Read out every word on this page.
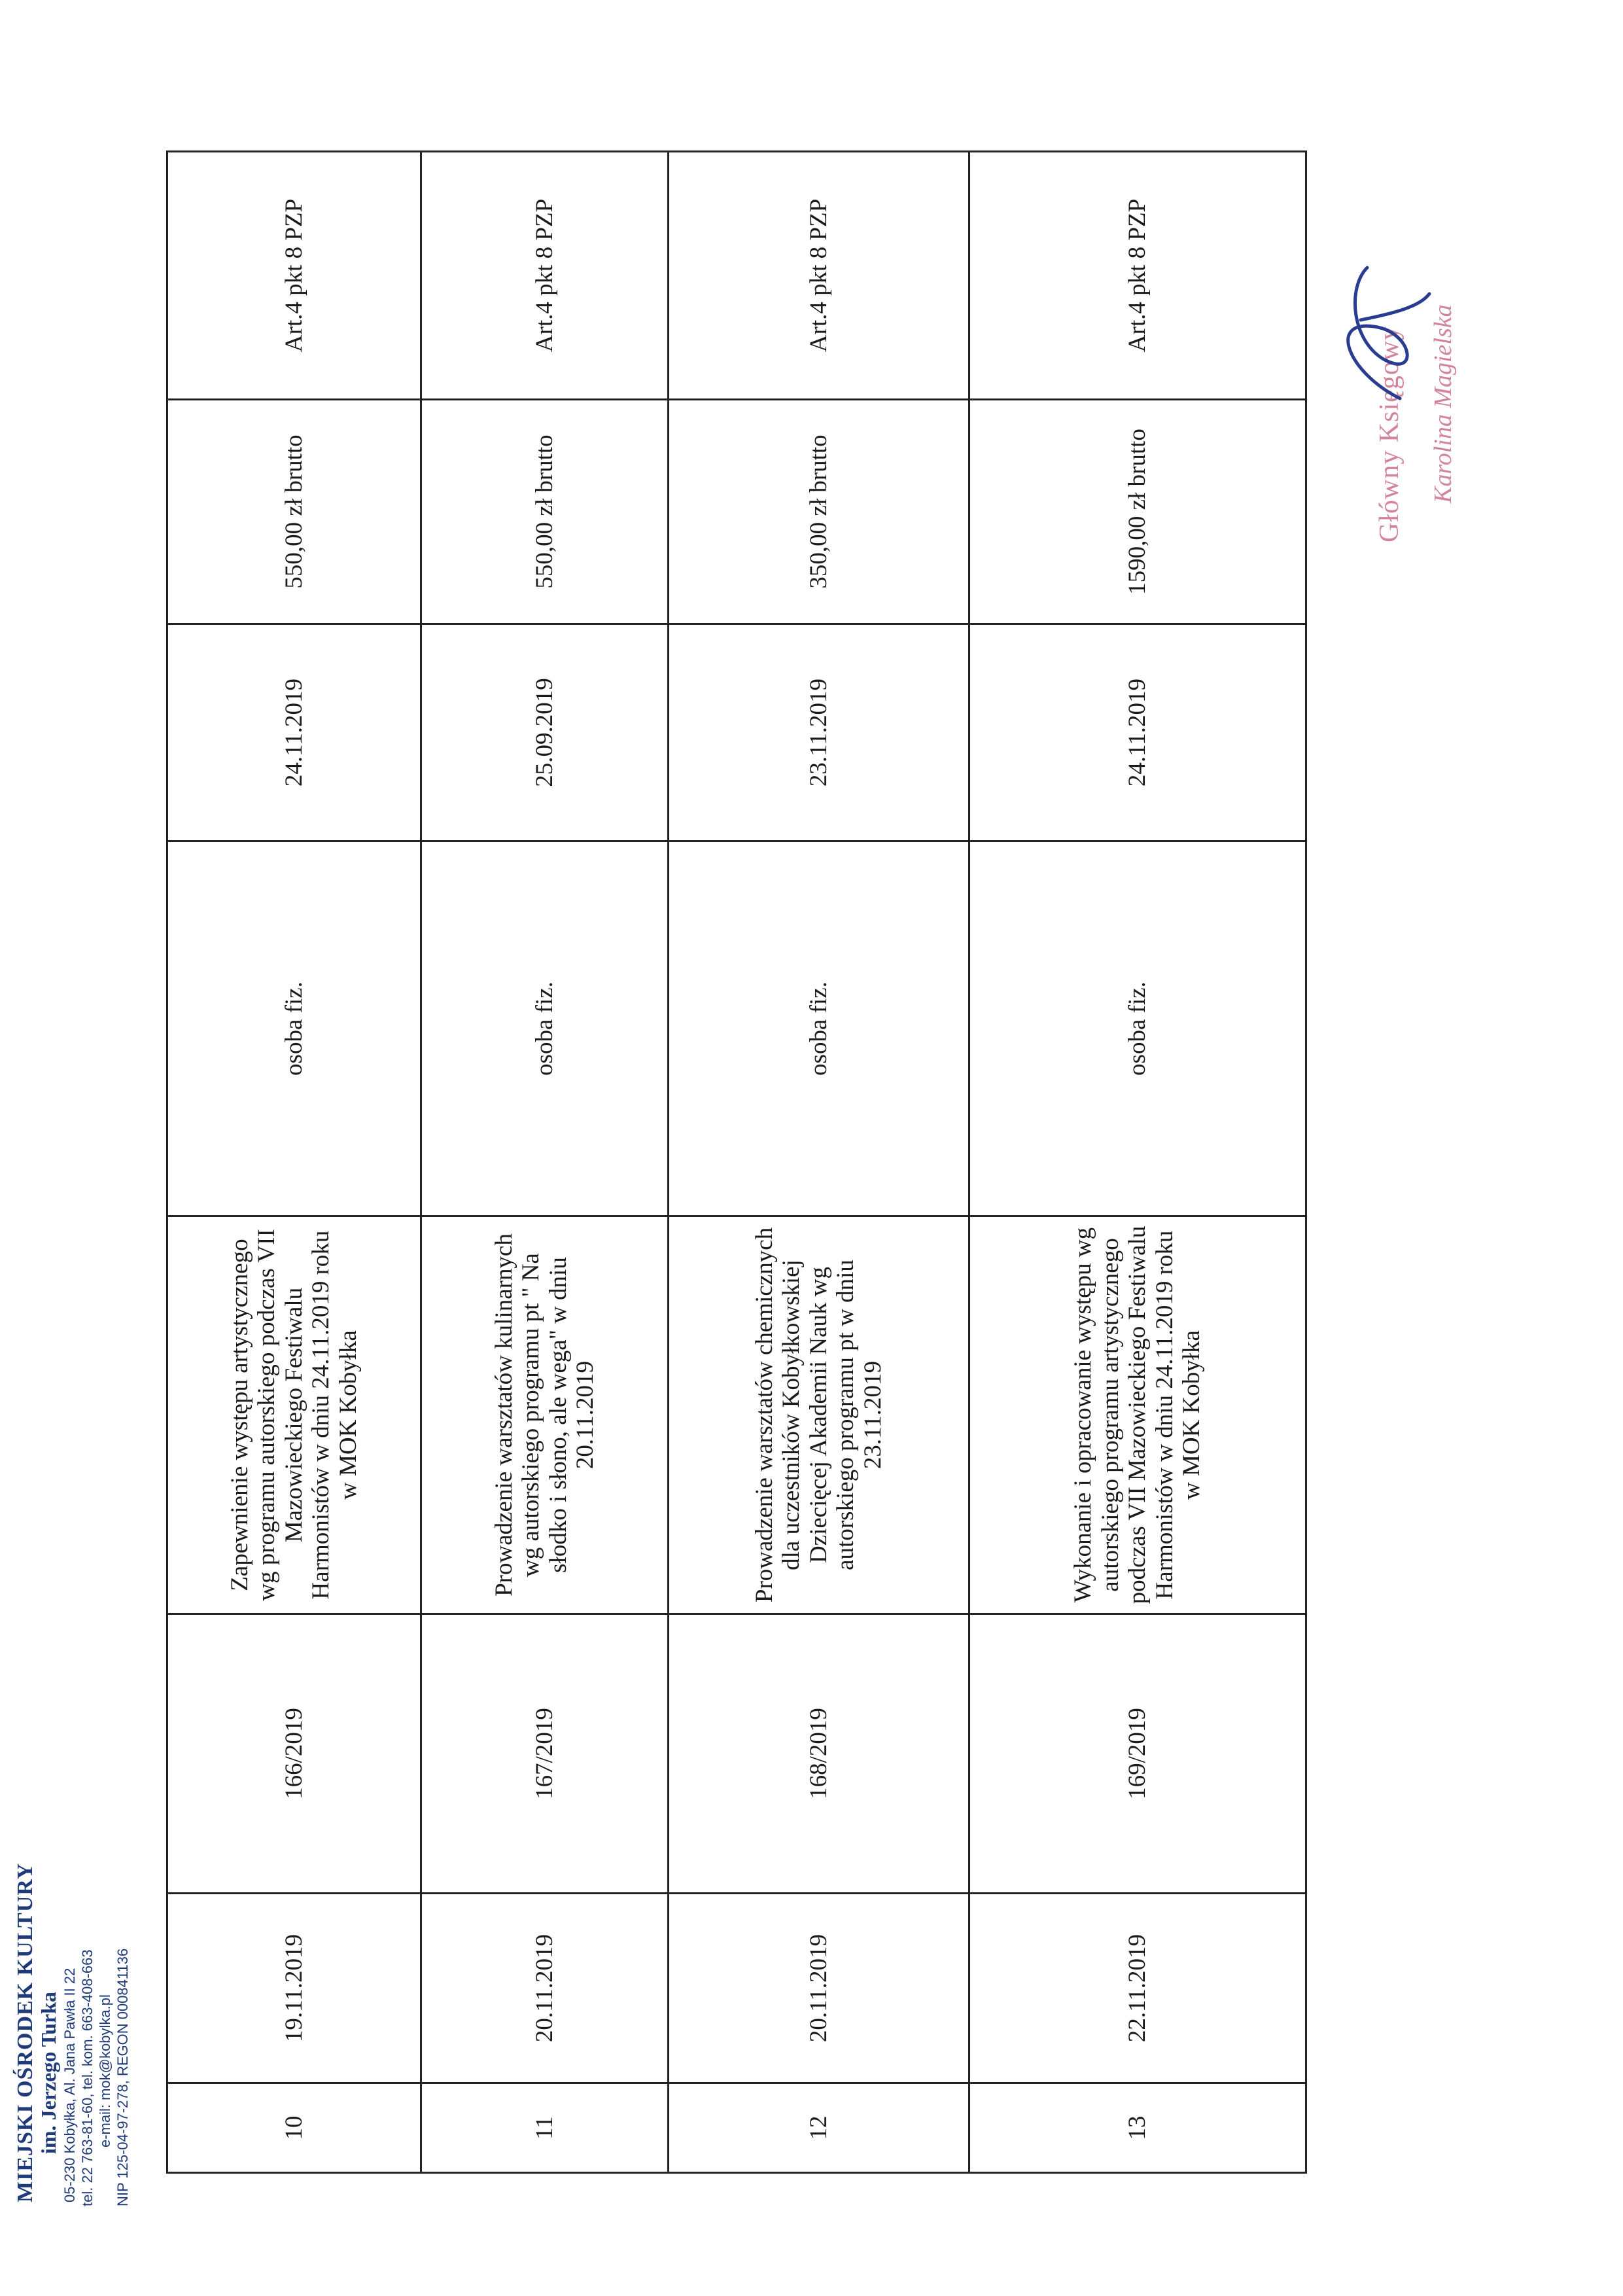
MIEJSKI OŚRODEK KULTURY im. Jerzego Turka 05-230 Kobyłka, Al. Jana Pawła II 22 tel. 22 763-81-60, tel. kom. 663-408-663 e-mail: mok@kobylka.pl NIP 125-04-97-278, REGON 000841136	10	19.11.2019	166/2019	Zapewnienie występu artystycznego wg programu autorskiego podczas VII Mazowieckiego Festiwalu Harmonistów w dniu 24.11.2019 roku w MOK Kobyłka	osoba fiz.	24.11.2019	550,00 zł brutto	Art.4 pkt 8 PZP
11	20.11.2019	167/2019	Prowadzenie warsztatów kulinarnych wg autorskiego programu pt " Na słodko i słono, ale wega" w dniu 20.11.2019	osoba fiz.	25.09.2019	550,00 zł brutto	Art.4 pkt 8 PZP
12	20.11.2019	168/2019	Prowadzenie warsztatów chemicznych dla uczestników Kobyłkowskiej Dziecięcej Akademii Nauk wg autorskiego programu pt w dniu 23.11.2019	osoba fiz.	23.11.2019	350,00 zł brutto	Art.4 pkt 8 PZP
13	22.11.2019	169/2019	Wykonanie i opracowanie występu wg autorskiego programu artystycznego podczas VII Mazowieckiego Festiwalu Harmonistów w dniu 24.11.2019 roku w MOK Kobyłka	osoba fiz.	24.11.2019	1590,00 zł brutto	Art.4 pkt 8 PZP
Główny Księgowy Karolina Magielska
